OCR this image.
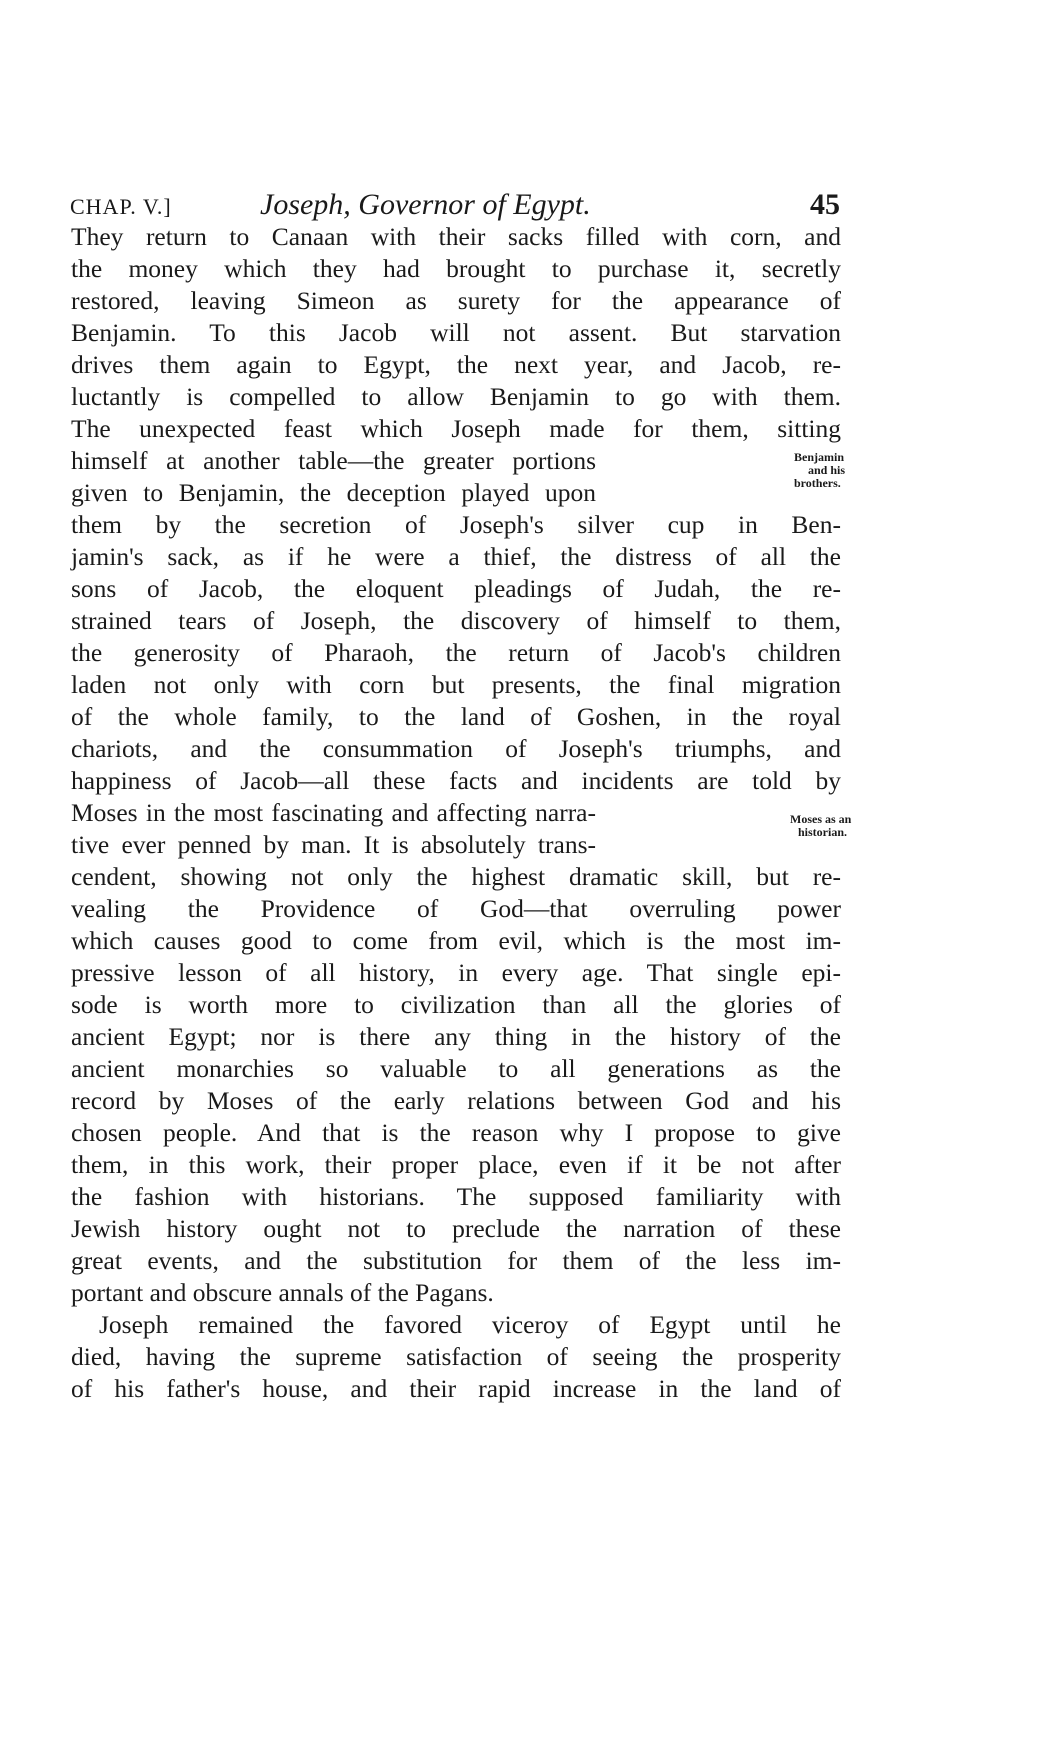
CHAP. V.]	Joseph, Governor of Egypt.	45
They return to Canaan with their sacks filled with corn, and
the money which they had brought to purchase it, secretly
restored, leaving Simeon as surety for the appearance of
Benjamin. To this Jacob will not assent. But starvation
drives them again to Egypt, the next year, and Jacob, re-
luctantly is compelled to allow Benjamin to go with them.
The unexpected feast which Joseph made for them, sitting
himself at another table—the greater portions
given to Benjamin, the deception played upon
them by the secretion of Joseph's silver cup in Ben-
jamin's sack, as if he were a thief, the distress of all the
sons of Jacob, the eloquent pleadings of Judah, the re-
strained tears of Joseph, the discovery of himself to them,
the generosity of Pharaoh, the return of Jacob's children
laden not only with corn but presents, the final migration
of the whole family, to the land of Goshen, in the royal
chariots, and the consummation of Joseph's triumphs, and
happiness of Jacob—all these facts and incidents are told by
Moses in the most fascinating and affecting narra-
tive ever penned by man. It is absolutely trans-
cendent, showing not only the highest dramatic skill, but re-
vealing the Providence of God—that overruling power
which causes good to come from evil, which is the most im-
pressive lesson of all history, in every age. That single epi-
sode is worth more to civilization than all the glories of
ancient Egypt; nor is there any thing in the history of the
ancient monarchies so valuable to all generations as the
record by Moses of the early relations between God and his
chosen people. And that is the reason why I propose to give
them, in this work, their proper place, even if it be not after
the fashion with historians. The supposed familiarity with
Jewish history ought not to preclude the narration of these
great events, and the substitution for them of the less im-
portant and obscure annals of the Pagans.
Joseph remained the favored viceroy of Egypt until he
died, having the supreme satisfaction of seeing the prosperity
of his father's house, and their rapid increase in the land of
Benjamin
and his
brothers.
Moses as an
historian.
